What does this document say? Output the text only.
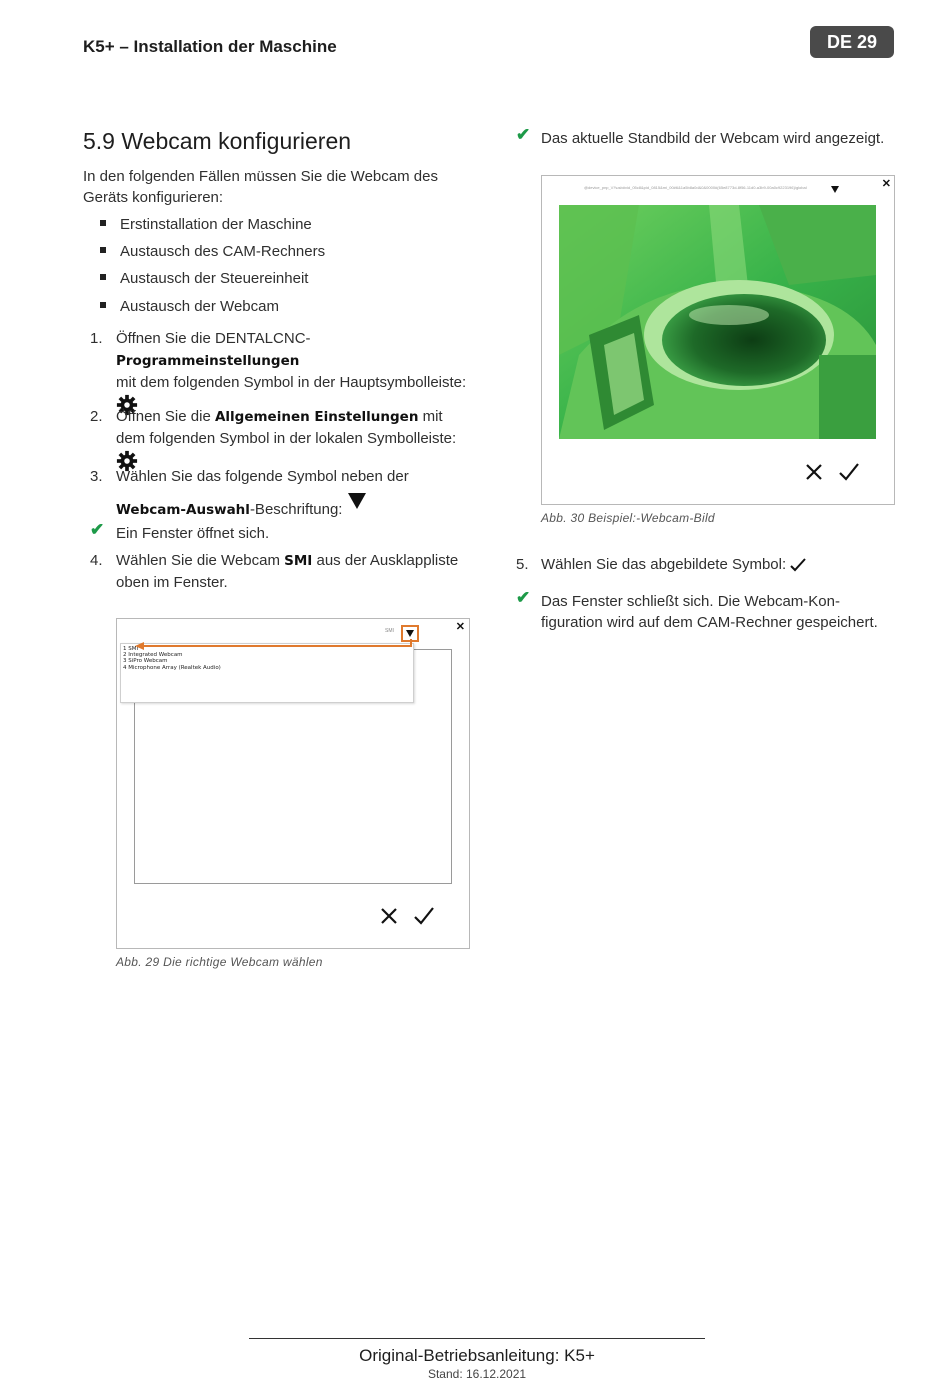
K5+ – Installation der Maschine	DE 29
5.9 Webcam konfigurieren
In den folgenden Fällen müssen Sie die Webcam des Geräts konfigurieren:
Erstinstallation der Maschine
Austausch des CAM-Rechners
Austausch der Steuereinheit
Austausch der Webcam
1. Öffnen Sie die DENTALCNC-Programmeinstellungen
mit dem folgenden Symbol in der Hauptsymbolleiste:
2. Öffnen Sie die Allgemeinen Einstellungen mit dem folgenden Symbol in der lokalen Symbolleiste:
3. Wählen Sie das folgende Symbol neben der
Webcam-Auswahl-Beschriftung:
✔ Ein Fenster öffnet sich.
4. Wählen Sie die Webcam SMI aus der Ausklappliste oben im Fenster.
✕
SMI
1 SMI
2 Integrated Webcam
3 SiPro Webcam
4 Microphone Array (Realtek Audio)
Abb. 29 Die richtige Webcam wählen
✔ Das aktuelle Standbild der Webcam wird angezeigt.
✕
@device_pnp_\\?\usb#vid_05c8&pid_0815&mi_00#6&1a5b8a0d&0&0000#{65e8773d-8f56-11d0-a3b9-00a0c9223196}\global
Abb. 30 Beispiel:-Webcam-Bild
5. Wählen Sie das abgebildete Symbol:
✔ Das Fenster schließt sich. Die Webcam-Kon-figuration wird auf dem CAM-Rechner gespeichert.
Original-Betriebsanleitung: K5+
Stand: 16.12.2021
